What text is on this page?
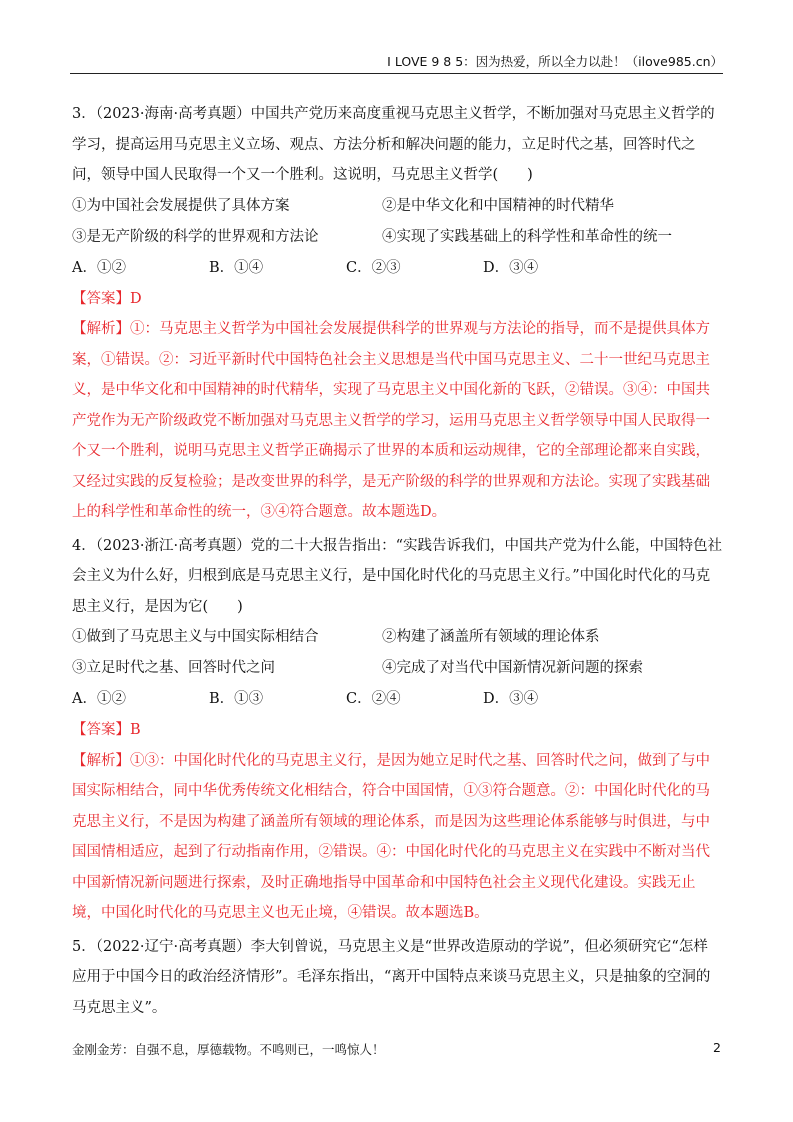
I LOVE 9 8 5：因为热爱，所以全力以赴！（ilove985.cn）

3．（2023·海南·高考真题）中国共产党历来高度重视马克思主义哲学，不断加强对马克思主义哲学的学习，提高运用马克思主义立场、观点、方法分析和解决问题的能力，立足时代之基，回答时代之问，领导中国人民取得一个又一个胜利。这说明，马克思主义哲学(　　)

①为中国社会发展提供了具体方案	②是中华文化和中国精神的时代精华
③是无产阶级的科学的世界观和方法论	④实现了实践基础上的科学性和革命性的统一
A．①②	B．①④	C．②③	D．③④

【答案】D

【解析】①：马克思主义哲学为中国社会发展提供科学的世界观与方法论的指导，而不是提供具体方案，①错误。②：习近平新时代中国特色社会主义思想是当代中国马克思主义、二十一世纪马克思主义，是中华文化和中国精神的时代精华，实现了马克思主义中国化新的飞跃，②错误。③④：中国共产党作为无产阶级政党不断加强对马克思主义哲学的学习，运用马克思主义哲学领导中国人民取得一个又一个胜利，说明马克思主义哲学正确揭示了世界的本质和运动规律，它的全部理论都来自实践，又经过实践的反复检验；是改变世界的科学，是无产阶级的科学的世界观和方法论。实现了实践基础上的科学性和革命性的统一，③④符合题意。故本题选D。

4．（2023·浙江·高考真题）党的二十大报告指出：“实践告诉我们，中国共产党为什么能，中国特色社会主义为什么好，归根到底是马克思主义行，是中国化时代化的马克思主义行。”中国化时代化的马克思主义行，是因为它(　　)

①做到了马克思主义与中国实际相结合	②构建了涵盖所有领域的理论体系
③立足时代之基、回答时代之问	④完成了对当代中国新情况新问题的探索
A．①②	B．①③	C．②④	D．③④

【答案】B

【解析】①③：中国化时代化的马克思主义行，是因为她立足时代之基、回答时代之问，做到了与中国实际相结合，同中华优秀传统文化相结合，符合中国国情，①③符合题意。②：中国化时代化的马克思主义行，不是因为构建了涵盖所有领域的理论体系，而是因为这些理论体系能够与时俱进，与中国国情相适应，起到了行动指南作用，②错误。④：中国化时代化的马克思主义在实践中不断对当代中国新情况新问题进行探索，及时正确地指导中国革命和中国特色社会主义现代化建设。实践无止境，中国化时代化的马克思主义也无止境，④错误。故本题选B。

5．（2022·辽宁·高考真题）李大钊曾说，马克思主义是“世界改造原动的学说”，但必须研究它“怎样应用于中国今日的政治经济情形”。毛泽东指出，“离开中国特点来谈马克思主义，只是抽象的空洞的马克思主义”。

金刚金芳：自强不息，厚德载物。不鸣则已，一鸣惊人！	2
